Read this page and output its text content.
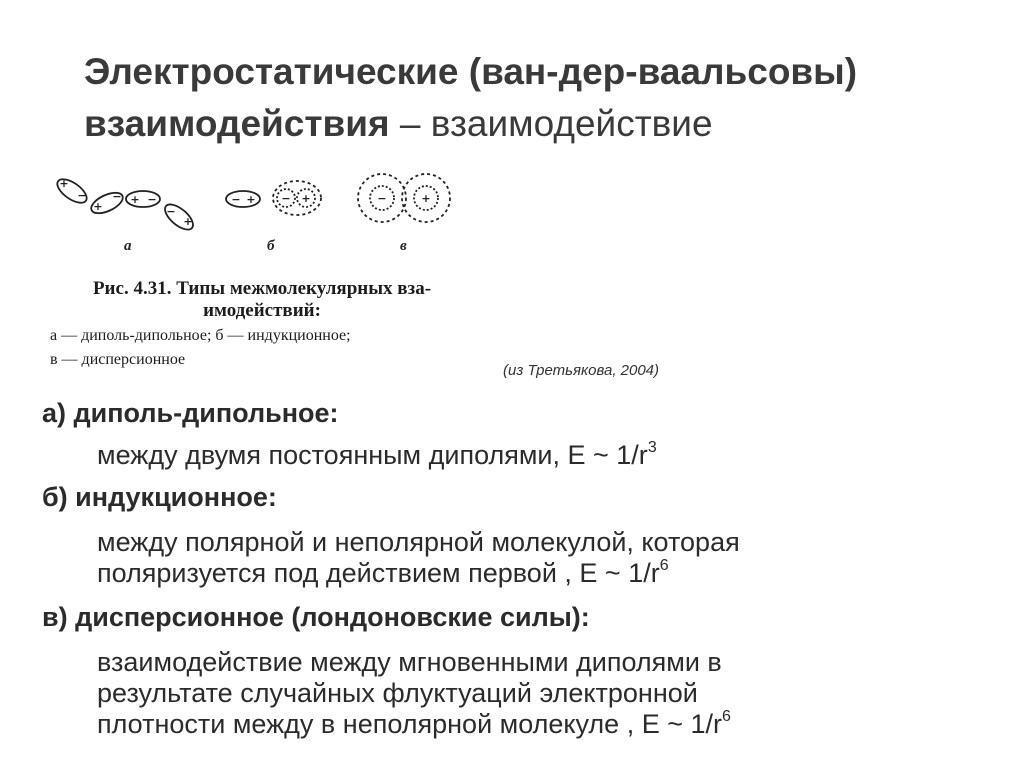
Электростатические (ван-дер-ваальсовы)
взаимодействия – взаимодействие
+
−
+
− + −
−
+
− + − +	−	+
а	б	в
Рис. 4.31. Типы межмолекулярных вза-
имодействий:
а — диполь-дипольное; б — индукционное;
в — дисперсионное
(из Третьякова, 2004)
а) диполь-дипольное:
между двумя постоянным диполями, Е ~ $1/r^3$
б) индукционное:
между полярной и неполярной молекулой, которая
поляризуется под действием первой , Е ~ $1/r^6$
в) дисперсионное (лондоновские силы):
взаимодействие между мгновенными диполями в
результате случайных флуктуаций электронной
плотности между в неполярной молекуле , Е ~ $1/r^6$
